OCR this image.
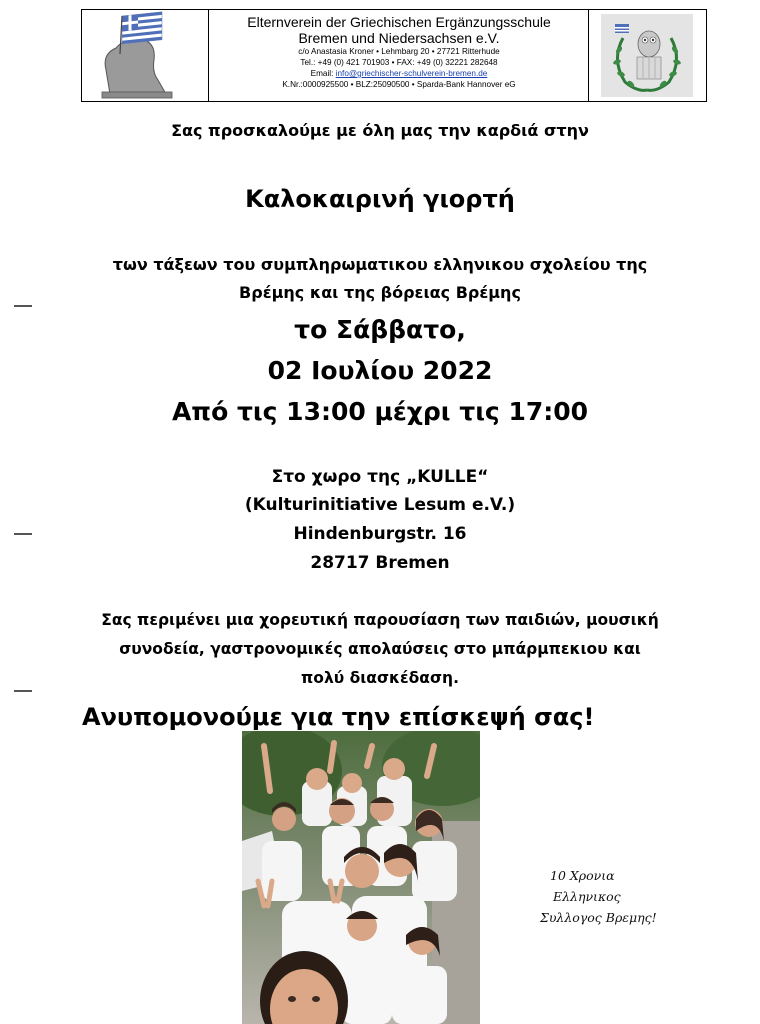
Elternverein der Griechischen Ergänzungsschule
Bremen und Niedersachsen e.V.
c/o Anastasia Kroner • Lehmbarg 20 • 27721 Ritterhude
Tel.: +49 (0) 421 701903 • FAX: +49 (0) 32221 282648
Email: info@griechischer-schulverein-bremen.de
K.Nr.:0000925500 • BLZ:25090500 • Sparda-Bank Hannover eG
Σας προσκαλούμε με όλη μας την καρδιά στην
Καλοκαιρινή γιορτή
των τάξεων του συμπληρωματικου ελληνικου σχολείου της
Βρέμης και της βόρειας Βρέμης
το Σάββατο,
02 Ιουλίου 2022
Από τις 13:00 μέχρι τις 17:00
Στο χωρο της „KULLE“
(Kulturinitiative Lesum e.V.)
Hindenburgstr. 16
28717 Bremen
Σας περιμένει μια χορευτική παρουσίαση των παιδιών, μουσική
συνοδεία, γαστρονομικές απολαύσεις στο μπάρμπεκιου και
πολύ διασκέδαση.
Ανυπομονούμε για την επίσκεψή σας!
10 Χρονια
Ελληνικος
Συλλογος Βρεμης!
